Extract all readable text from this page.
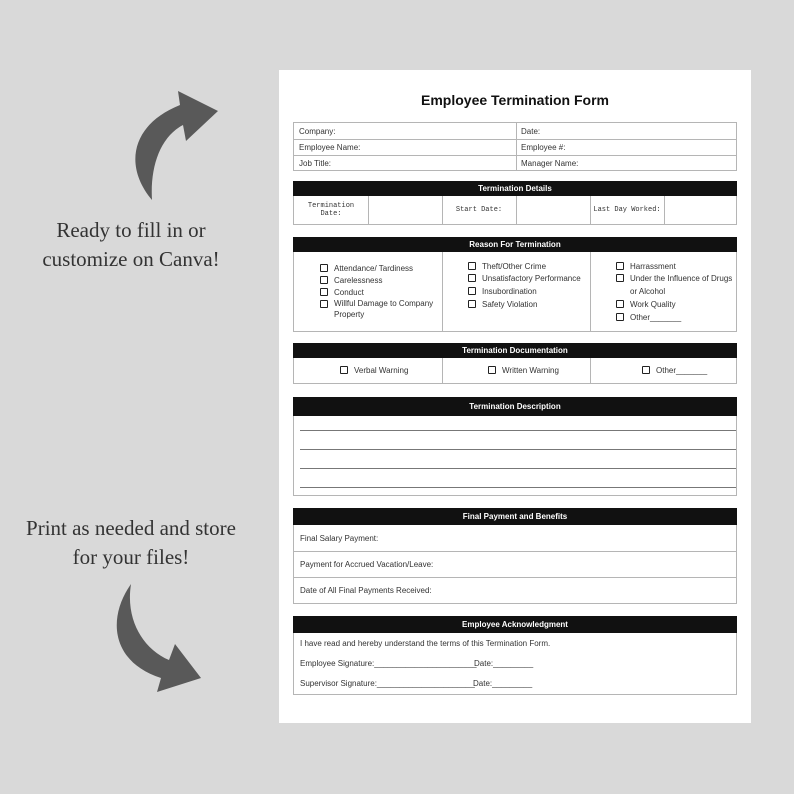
Ready to fill in or

customize on Canva!

Print as needed and store

for your files!

Employee Termination Form
Company:	Date:
Employee Name:	Employee #:
Job Title:	Manager Name:
Termination Details
Termination
Date:	Start Date:	Last Day Worked:
Reason For Termination
Attendance/ Tardiness
Carelessness
Conduct
Willful Damage to Company
Property
Theft/Other Crime
Unsatisfactory Performance
Insubordination
Safety Violation
Harrassment
Under the Influence of Drugs
or Alcohol
Work Quality
Other_______
Termination Documentation
Verbal Warning	Written Warning	Other_______
Termination Description
Final Payment and Benefits
Final Salary Payment:
Payment for Accrued Vacation/Leave:
Date of All Final Payments Received:
Employee Acknowledgment
I have read and hereby understand the terms of this Termination Form.
Employee Signature:_______________________
Date:_________
Supervisor Signature:______________________
Date:_________
